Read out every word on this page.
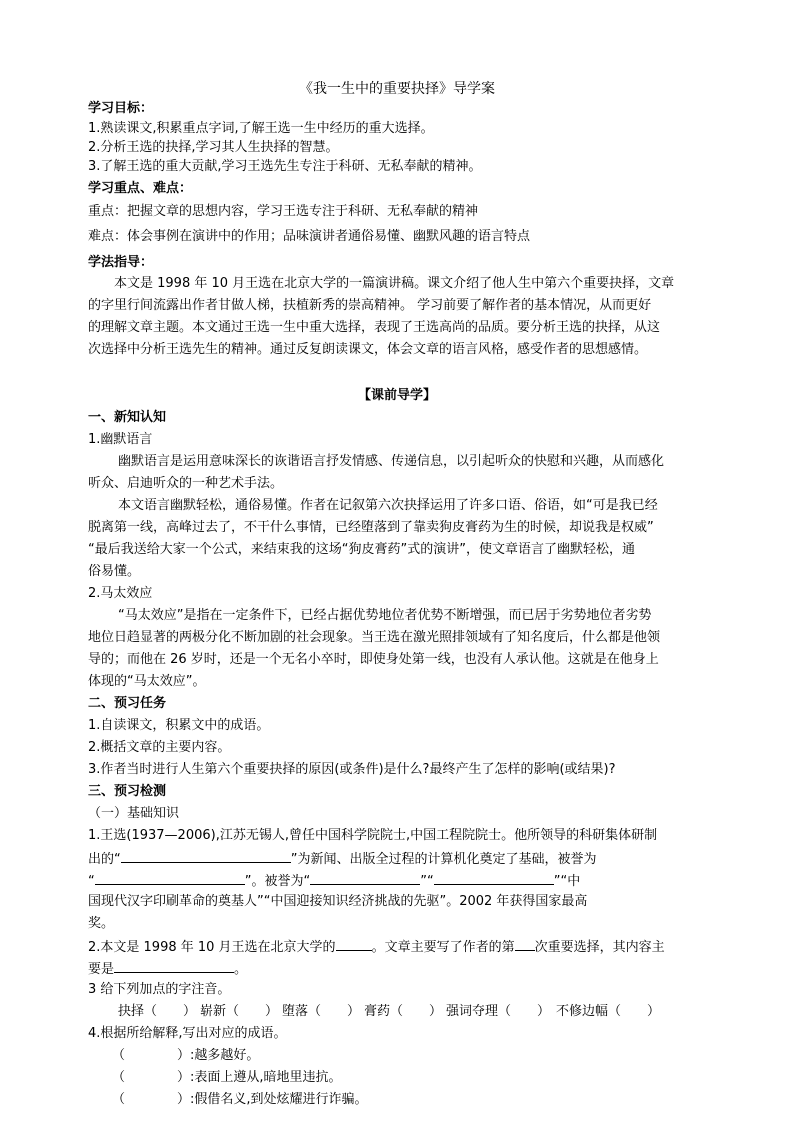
《我一生中的重要抉择》导学案
学习目标：
1.熟读课文,积累重点字词,了解王选一生中经历的重大选择。
2.分析王选的抉择,学习其人生抉择的智慧。
3.了解王选的重大贡献,学习王选先生专注于科研、无私奉献的精神。
学习重点、难点：
重点：把握文章的思想内容，学习王选专注于科研、无私奉献的精神
难点：体会事例在演讲中的作用；品味演讲者通俗易懂、幽默风趣的语言特点
学法指导：
本文是 1998 年 10 月王选在北京大学的一篇演讲稿。课文介绍了他人生中第六个重要抉择，文章
的字里行间流露出作者甘做人梯，扶植新秀的崇高精神。 学习前要了解作者的基本情况，从而更好
的理解文章主题。本文通过王选一生中重大选择，表现了王选高尚的品质。要分析王选的抉择，从这
次选择中分析王选先生的精神。通过反复朗读课文，体会文章的语言风格，感受作者的思想感情。
【课前导学】
一、新知认知
1.幽默语言
幽默语言是运用意味深长的诙谐语言抒发情感、传递信息，以引起听众的快慰和兴趣，从而感化
听众、启迪听众的一种艺术手法。
本文语言幽默轻松，通俗易懂。作者在记叙第六次抉择运用了许多口语、俗语，如“可是我已经
脱离第一线，高峰过去了，不干什么事情，已经堕落到了靠卖狗皮膏药为生的时候，却说我是权威”
“最后我送给大家一个公式，来结束我的这场“狗皮膏药”式的演讲”，使文章语言了幽默轻松，通
俗易懂。
2.马太效应
“马太效应”是指在一定条件下，已经占据优势地位者优势不断增强，而已居于劣势地位者劣势
地位日趋显著的两极分化不断加剧的社会现象。当王选在激光照排领域有了知名度后，什么都是他领
导的；而他在 26 岁时，还是一个无名小卒时，即使身处第一线，也没有人承认他。这就是在他身上
体现的“马太效应”。
二、预习任务
1.自读课文，积累文中的成语。
2.概括文章的主要内容。
3.作者当时进行人生第六个重要抉择的原因(或条件)是什么?最终产生了怎样的影响(或结果)?
三、预习检测
（一）基础知识
1.王选(1937—2006),江苏无锡人,曾任中国科学院院士,中国工程院院士。他所领导的科研集体研制
出的“	”为新闻、出版全过程的计算机化奠定了基础，被誉为
“	”。被誉为“	”“	”“中
国现代汉字印刷革命的奠基人”“中国迎接知识经济挑战的先驱”。2002 年获得国家最高
奖。
2.本文是 1998 年 10 月王选在北京大学的	。文章主要写了作者的第 次重要选择，其内容主
要是	。
3 给下列加点的字注音。
抉择（　　） 崭新（　　） 堕落（　　） 膏药（　　） 强词夺理（　　） 不修边幅（　　）
4.根据所给解释,写出对应的成语。
（　　　　）:越多越好。
（　　　　）:表面上遵从,暗地里违抗。
（　　　　）:假借名义,到处炫耀进行诈骗。
